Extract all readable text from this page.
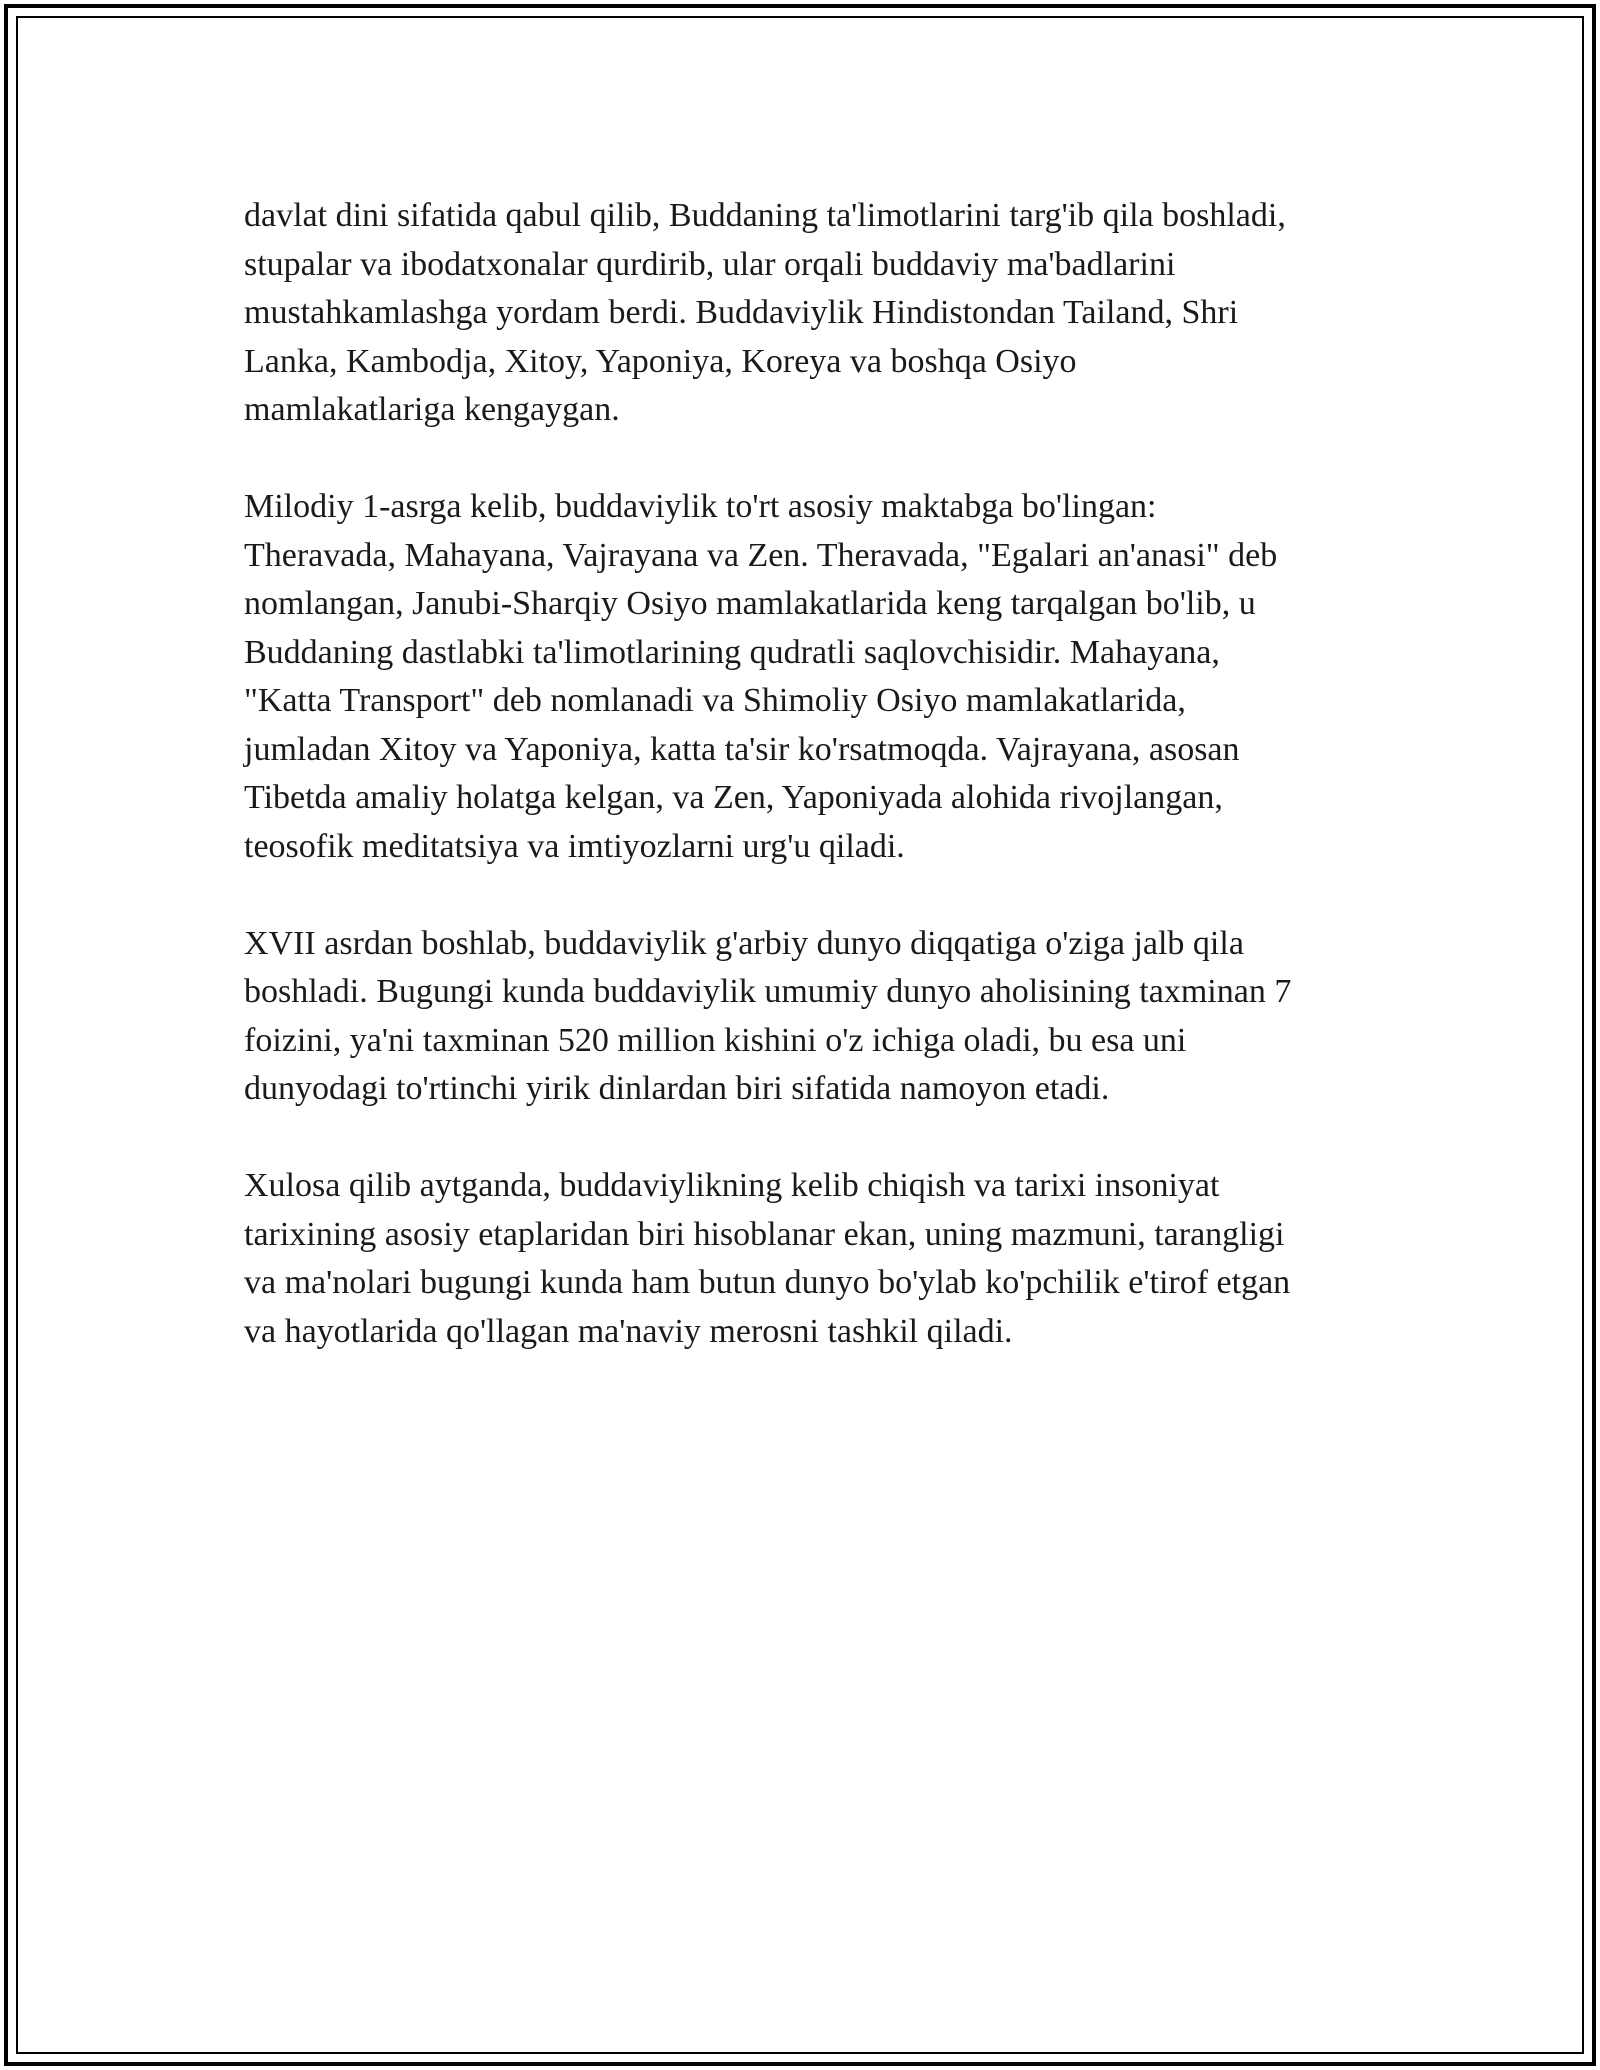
davlat dini sifatida qabul qilib, Buddaning ta'limotlarini targ'ib qila boshladi,
stupalar va ibodatxonalar qurdirib, ular orqali buddaviy ma'badlarini
mustahkamlashga yordam berdi. Buddaviylik Hindistondan Tailand, Shri
Lanka, Kambodja, Xitoy, Yaponiya, Koreya va boshqa Osiyo
mamlakatlariga kengaygan.

Milodiy 1-asrga kelib, buddaviylik to'rt asosiy maktabga bo'lingan:
Theravada, Mahayana, Vajrayana va Zen. Theravada, "Egalari an'anasi" deb
nomlangan, Janubi-Sharqiy Osiyo mamlakatlarida keng tarqalgan bo'lib, u
Buddaning dastlabki ta'limotlarining qudratli saqlovchisidir. Mahayana,
"Katta Transport" deb nomlanadi va Shimoliy Osiyo mamlakatlarida,
jumladan Xitoy va Yaponiya, katta ta'sir ko'rsatmoqda. Vajrayana, asosan
Tibetda amaliy holatga kelgan, va Zen, Yaponiyada alohida rivojlangan,
teosofik meditatsiya va imtiyozlarni urg'u qiladi.

XVII asrdan boshlab, buddaviylik g'arbiy dunyo diqqatiga o'ziga jalb qila
boshladi. Bugungi kunda buddaviylik umumiy dunyo aholisining taxminan 7
foizini, ya'ni taxminan 520 million kishini o'z ichiga oladi, bu esa uni
dunyodagi to'rtinchi yirik dinlardan biri sifatida namoyon etadi.

Xulosa qilib aytganda, buddaviylikning kelib chiqish va tarixi insoniyat
tarixining asosiy etaplaridan biri hisoblanar ekan, uning mazmuni, tarangligi
va ma'nolari bugungi kunda ham butun dunyo bo'ylab ko'pchilik e'tirof etgan
va hayotlarida qo'llagan ma'naviy merosni tashkil qiladi.
